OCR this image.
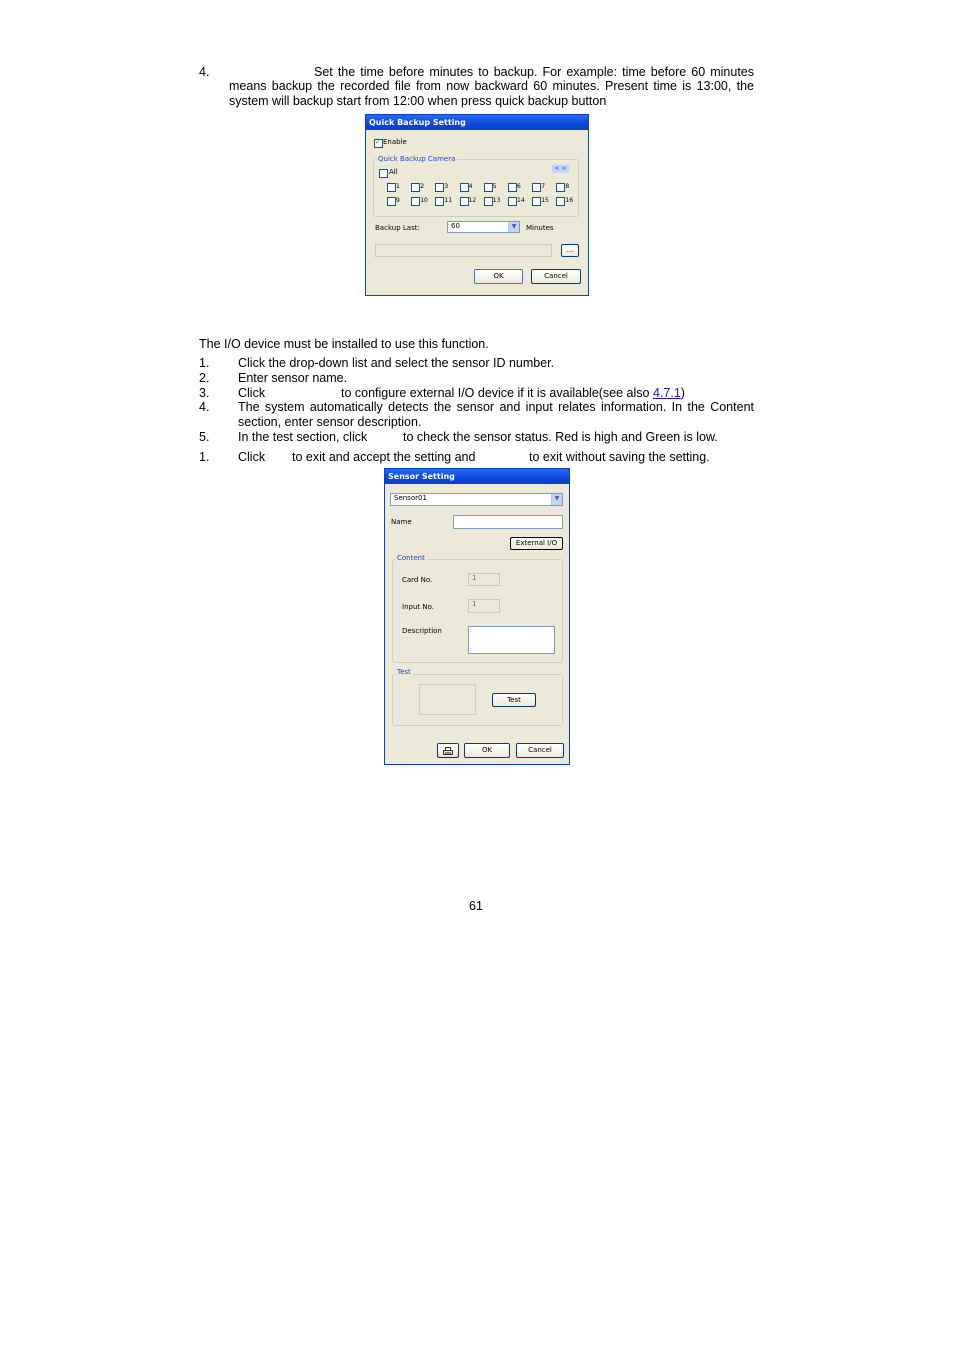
4.	Set the time before minutes to backup. For example: time before 60 minutes
means backup the recorded file from now backward 60 minutes. Present time is 13:00, the
system will backup start from 12:00 when press quick backup button
Quick Backup Setting
✓ Enable
Quick Backup Camera
All	< >
Backup Last:	60	▼	Minutes
...
OK	Cancel
1	2	3	4	5	6	7	8
9	10	11	12	13	14	15	16
The I/O device must be installed to use this function.
1. Click the drop-down list and select the sensor ID number.
2. Enter sensor name.
3. Click	to configure external I/O device if it is available(see also 4.7.1)
4. The system automatically detects the sensor and input relates information. In the Content
section, enter sensor description.
5. In the test section, click	to check the sensor status. Red is high and Green is low.
1. Click to exit and accept the setting and	to exit without saving the setting.
Sensor Setting
Sensor01	▼
Name
External I/O
Content
Card No.	1
Input No.	1
Description
Test
Test
OK	Cancel
61
